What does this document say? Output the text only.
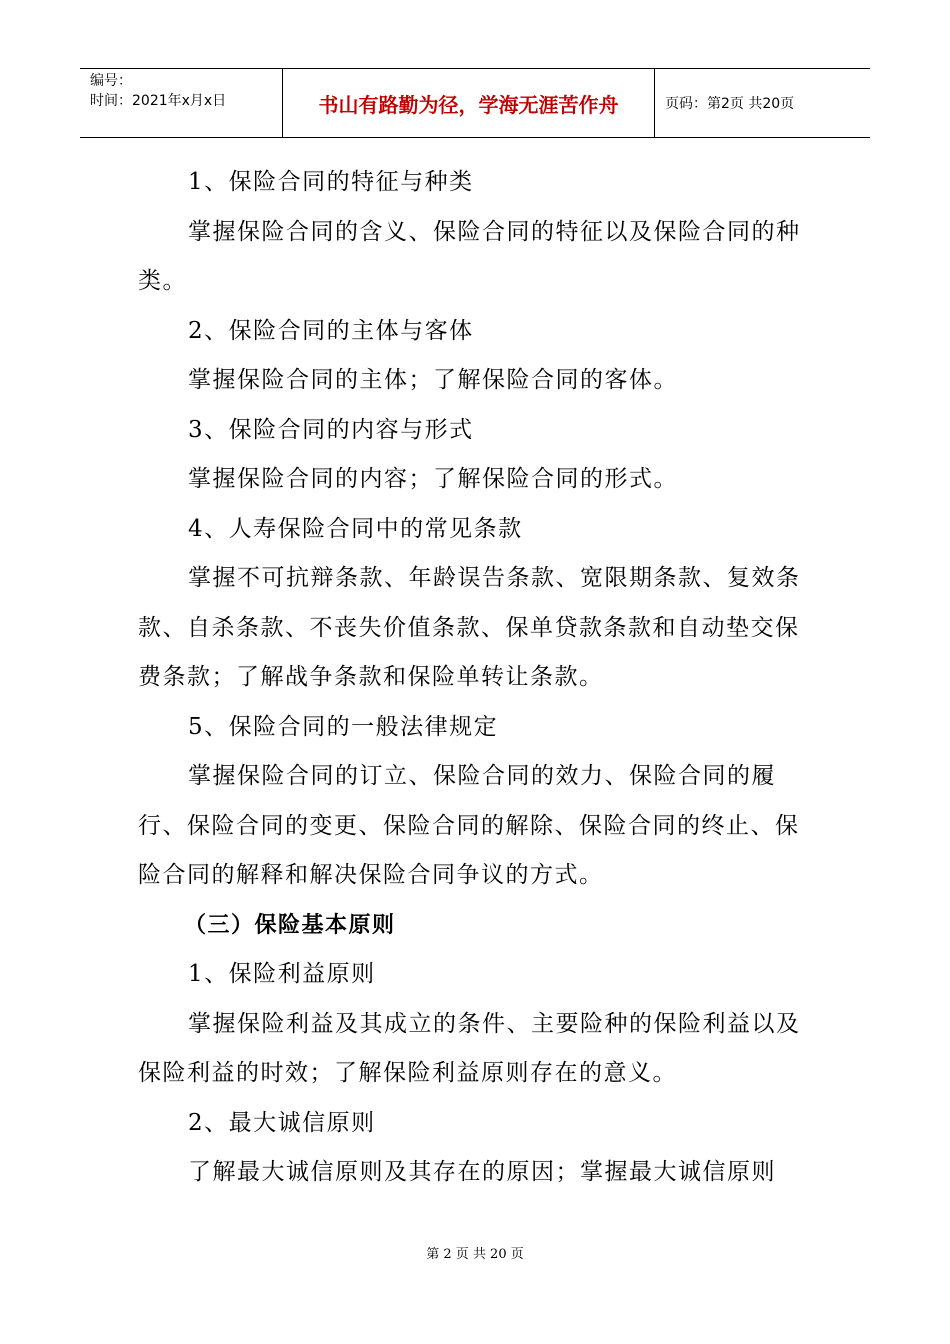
编号：
时间：2021年x月x日	书山有路勤为径，学海无涯苦作舟	页码：第2页 共20页

1、保险合同的特征与种类

掌握保险合同的含义、保险合同的特征以及保险合同的种类。

2、保险合同的主体与客体

掌握保险合同的主体；了解保险合同的客体。

3、保险合同的内容与形式

掌握保险合同的内容；了解保险合同的形式。

4、人寿保险合同中的常见条款

掌握不可抗辩条款、年龄误告条款、宽限期条款、复效条款、自杀条款、不丧失价值条款、保单贷款条款和自动垫交保费条款；了解战争条款和保险单转让条款。

5、保险合同的一般法律规定

掌握保险合同的订立、保险合同的效力、保险合同的履行、保险合同的变更、保险合同的解除、保险合同的终止、保险合同的解释和解决保险合同争议的方式。

（三）保险基本原则

1、保险利益原则

掌握保险利益及其成立的条件、主要险种的保险利益以及保险利益的时效；了解保险利益原则存在的意义。

2、最大诚信原则

了解最大诚信原则及其存在的原因；掌握最大诚信原则

第 2 页 共 20 页
